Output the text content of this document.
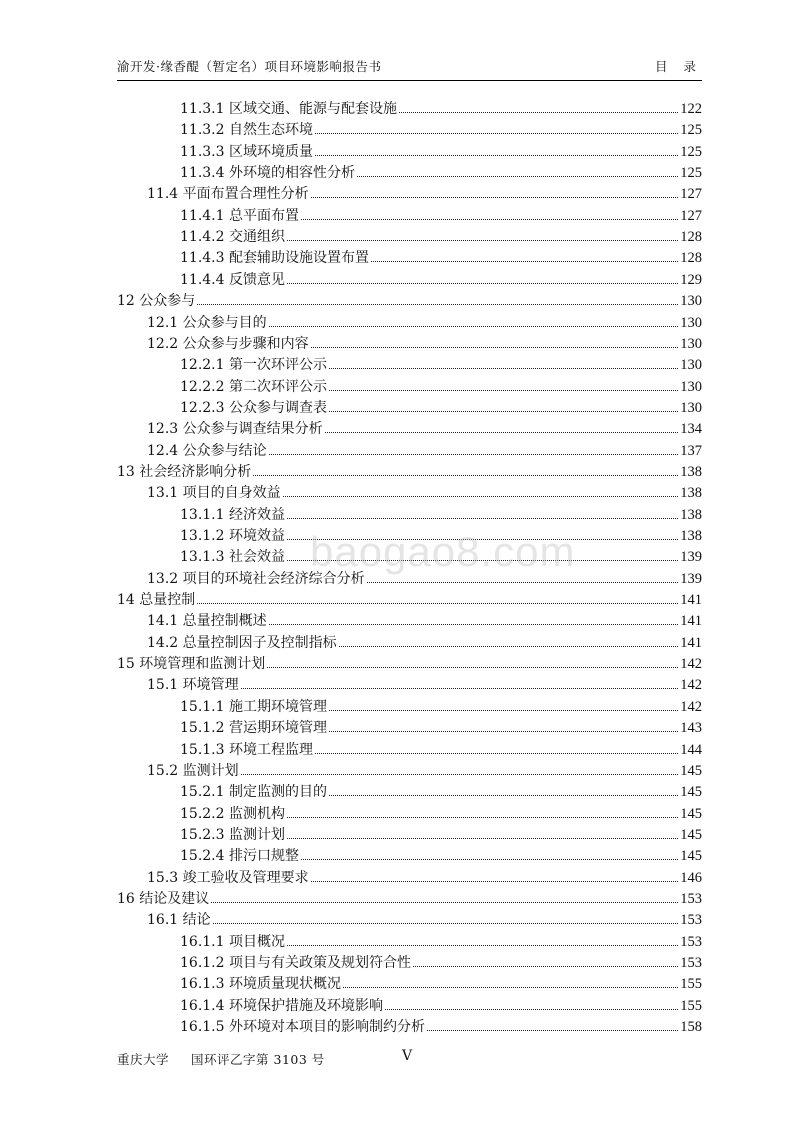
渝开发·缘香醍（暂定名）项目环境影响报告书	目 录
11.3.1 区域交通、能源与配套设施	122
11.3.2 自然生态环境	125
11.3.3 区域环境质量	125
11.3.4 外环境的相容性分析	125
11.4 平面布置合理性分析	127
11.4.1 总平面布置	127
11.4.2 交通组织	128
11.4.3 配套辅助设施设置布置	128
11.4.4 反馈意见	129
12 公众参与	130
12.1 公众参与目的	130
12.2 公众参与步骤和内容	130
12.2.1 第一次环评公示	130
12.2.2 第二次环评公示	130
12.2.3 公众参与调查表	130
12.3 公众参与调查结果分析	134
12.4 公众参与结论	137
13 社会经济影响分析	138
13.1 项目的自身效益	138
13.1.1 经济效益	138
13.1.2 环境效益	138
13.1.3 社会效益	139
13.2 项目的环境社会经济综合分析	139
14 总量控制	141
14.1 总量控制概述	141
14.2 总量控制因子及控制指标	141
15 环境管理和监测计划	142
15.1 环境管理	142
15.1.1 施工期环境管理	142
15.1.2 营运期环境管理	143
15.1.3 环境工程监理	144
15.2 监测计划	145
15.2.1 制定监测的目的	145
15.2.2 监测机构	145
15.2.3 监测计划	145
15.2.4 排污口规整	145
15.3 竣工验收及管理要求	146
16 结论及建议	153
16.1 结论	153
16.1.1 项目概况	153
16.1.2 项目与有关政策及规划符合性	153
16.1.3 环境质量现状概况	155
16.1.4 环境保护措施及环境影响	155
16.1.5 外环境对本项目的影响制约分析	158
baogao8.com
重庆大学 国环评乙字第 3103 号	V
